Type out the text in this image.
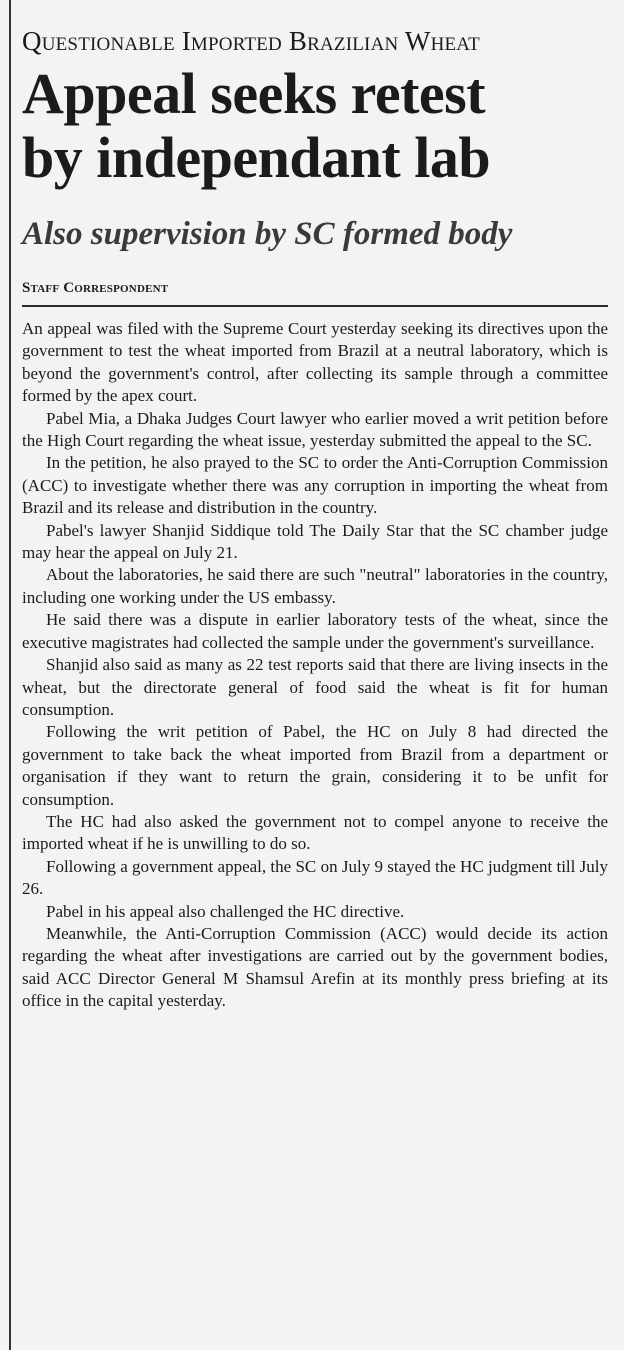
Questionable Imported Brazilian Wheat
Appeal seeks retest
by independant lab
Also supervision by SC formed body
Staff Correspondent

An appeal was filed with the Supreme Court yesterday seeking its directives upon the government to test the wheat imported from Brazil at a neutral laboratory, which is beyond the government's control, after collecting its sample through a committee formed by the apex court.

Pabel Mia, a Dhaka Judges Court lawyer who earlier moved a writ petition before the High Court regarding the wheat issue, yesterday submitted the appeal to the SC.

In the petition, he also prayed to the SC to order the Anti-Corruption Commission (ACC) to investigate whether there was any corruption in importing the wheat from Brazil and its release and distribution in the country.

Pabel's lawyer Shanjid Siddique told The Daily Star that the SC chamber judge may hear the appeal on July 21.

About the laboratories, he said there are such "neutral" laboratories in the country, including one working under the US embassy.

He said there was a dispute in earlier laboratory tests of the wheat, since the executive magistrates had collected the sample under the government's surveillance.

Shanjid also said as many as 22 test reports said that there are living insects in the wheat, but the directorate general of food said the wheat is fit for human consumption.

Following the writ petition of Pabel, the HC on July 8 had directed the government to take back the wheat imported from Brazil from a department or organisation if they want to return the grain, considering it to be unfit for consumption.

The HC had also asked the government not to compel anyone to receive the imported wheat if he is unwilling to do so.

Following a government appeal, the SC on July 9 stayed the HC judgment till July 26.

Pabel in his appeal also challenged the HC directive.

Meanwhile, the Anti-Corruption Commission (ACC) would decide its action regarding the wheat after investigations are carried out by the government bodies, said ACC Director General M Shamsul Arefin at its monthly press briefing at its office in the capital yesterday.
